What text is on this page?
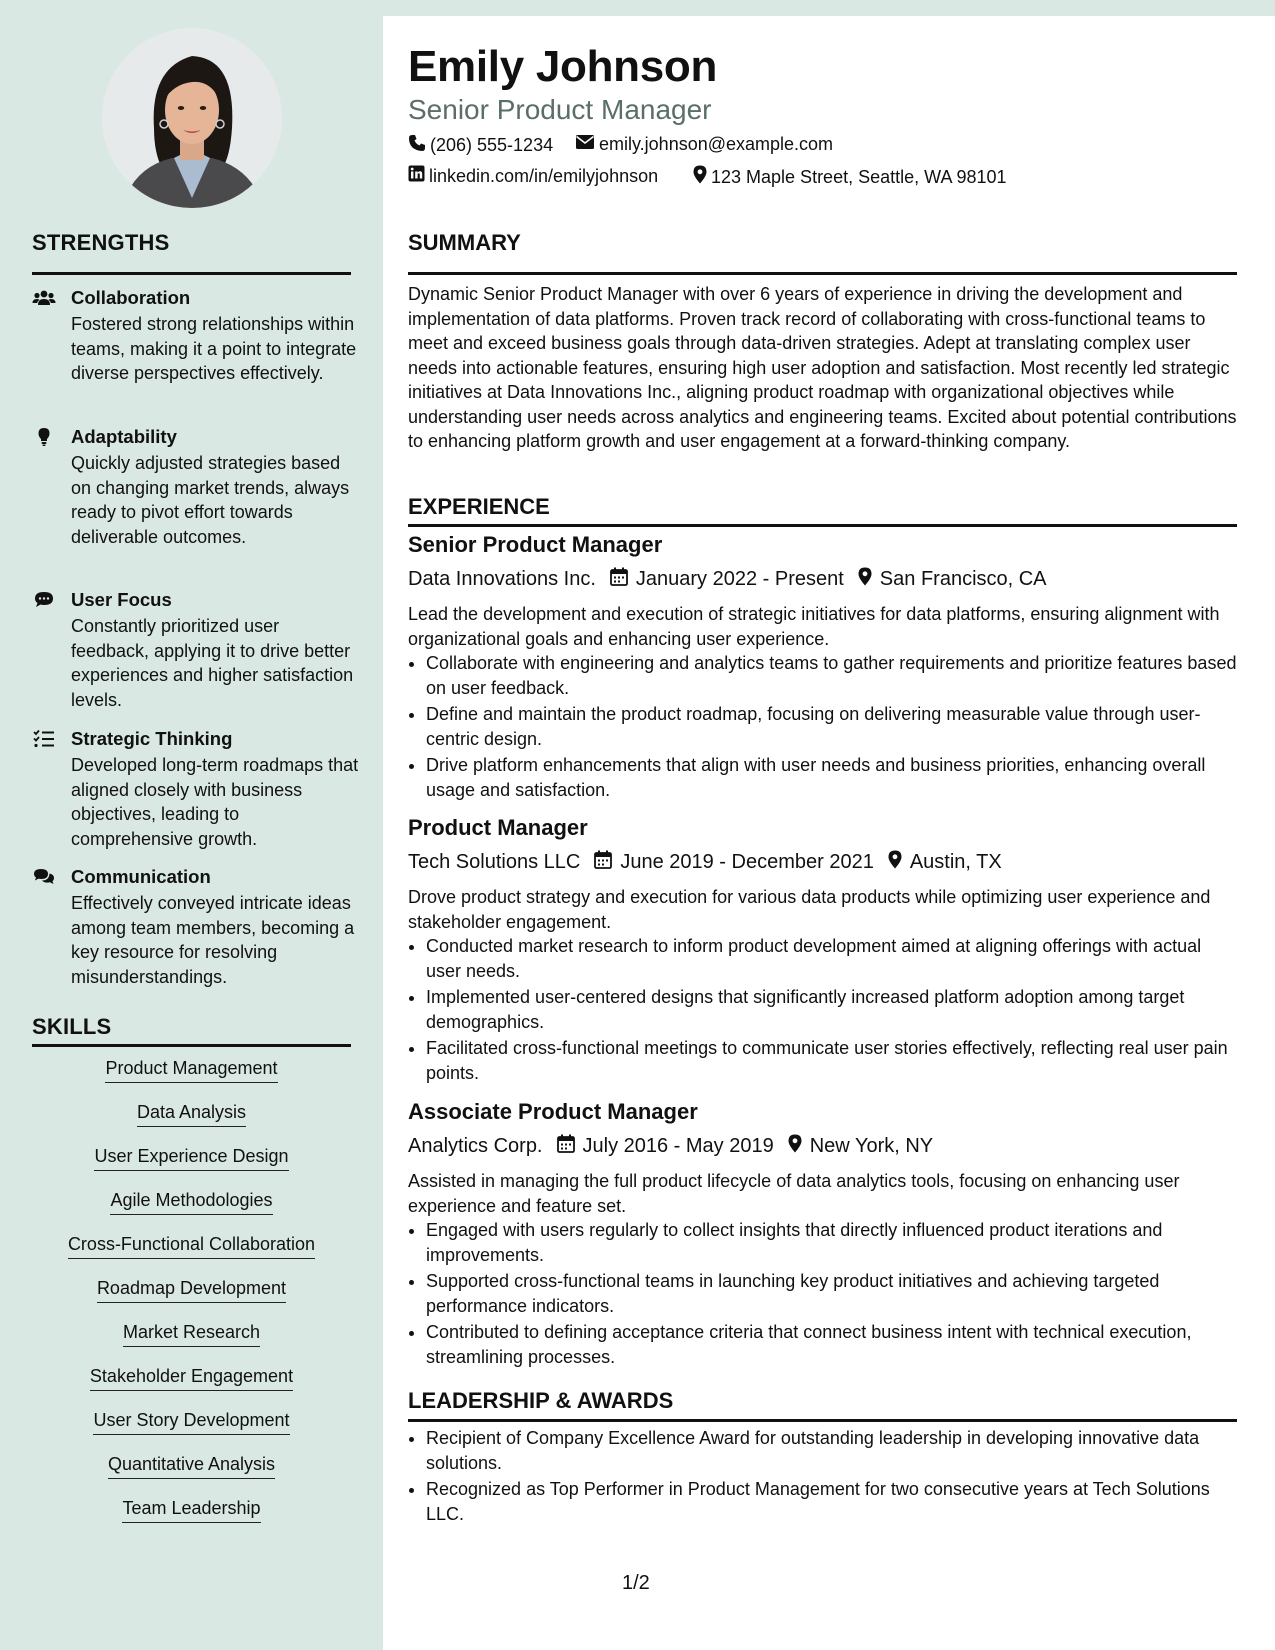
STRENGTHS
Collaboration
Fostered strong relationships within teams, making it a point to integrate diverse perspectives effectively.
Adaptability
Quickly adjusted strategies based on changing market trends, always ready to pivot effort towards deliverable outcomes.
User Focus
Constantly prioritized user feedback, applying it to drive better experiences and higher satisfaction levels.
Strategic Thinking
Developed long-term roadmaps that aligned closely with business objectives, leading to comprehensive growth.
Communication
Effectively conveyed intricate ideas among team members, becoming a key resource for resolving misunderstandings.
SKILLS
Product Management
Data Analysis
User Experience Design
Agile Methodologies
Cross-Functional Collaboration
Roadmap Development
Market Research
Stakeholder Engagement
User Story Development
Quantitative Analysis
Team Leadership
Emily Johnson
Senior Product Manager
(206) 555-1234	emily.johnson@example.com
linkedin.com/in/emilyjohnson	123 Maple Street, Seattle, WA 98101
SUMMARY
Dynamic Senior Product Manager with over 6 years of experience in driving the development and implementation of data platforms. Proven track record of collaborating with cross-functional teams to meet and exceed business goals through data-driven strategies. Adept at translating complex user needs into actionable features, ensuring high user adoption and satisfaction. Most recently led strategic initiatives at Data Innovations Inc., aligning product roadmap with organizational objectives while understanding user needs across analytics and engineering teams. Excited about potential contributions to enhancing platform growth and user engagement at a forward-thinking company.
EXPERIENCE
Senior Product Manager
Data Innovations Inc. January 2022 - Present San Francisco, CA
Lead the development and execution of strategic initiatives for data platforms, ensuring alignment with organizational goals and enhancing user experience.
• Collaborate with engineering and analytics teams to gather requirements and prioritize features based on user feedback.
• Define and maintain the product roadmap, focusing on delivering measurable value through user-centric design.
• Drive platform enhancements that align with user needs and business priorities, enhancing overall usage and satisfaction.
Product Manager
Tech Solutions LLC June 2019 - December 2021 Austin, TX
Drove product strategy and execution for various data products while optimizing user experience and stakeholder engagement.
• Conducted market research to inform product development aimed at aligning offerings with actual user needs.
• Implemented user-centered designs that significantly increased platform adoption among target demographics.
• Facilitated cross-functional meetings to communicate user stories effectively, reflecting real user pain points.
Associate Product Manager
Analytics Corp. July 2016 - May 2019 New York, NY
Assisted in managing the full product lifecycle of data analytics tools, focusing on enhancing user experience and feature set.
• Engaged with users regularly to collect insights that directly influenced product iterations and improvements.
• Supported cross-functional teams in launching key product initiatives and achieving targeted performance indicators.
• Contributed to defining acceptance criteria that connect business intent with technical execution, streamlining processes.
LEADERSHIP & AWARDS
• Recipient of Company Excellence Award for outstanding leadership in developing innovative data solutions.
• Recognized as Top Performer in Product Management for two consecutive years at Tech Solutions LLC.
1/2
